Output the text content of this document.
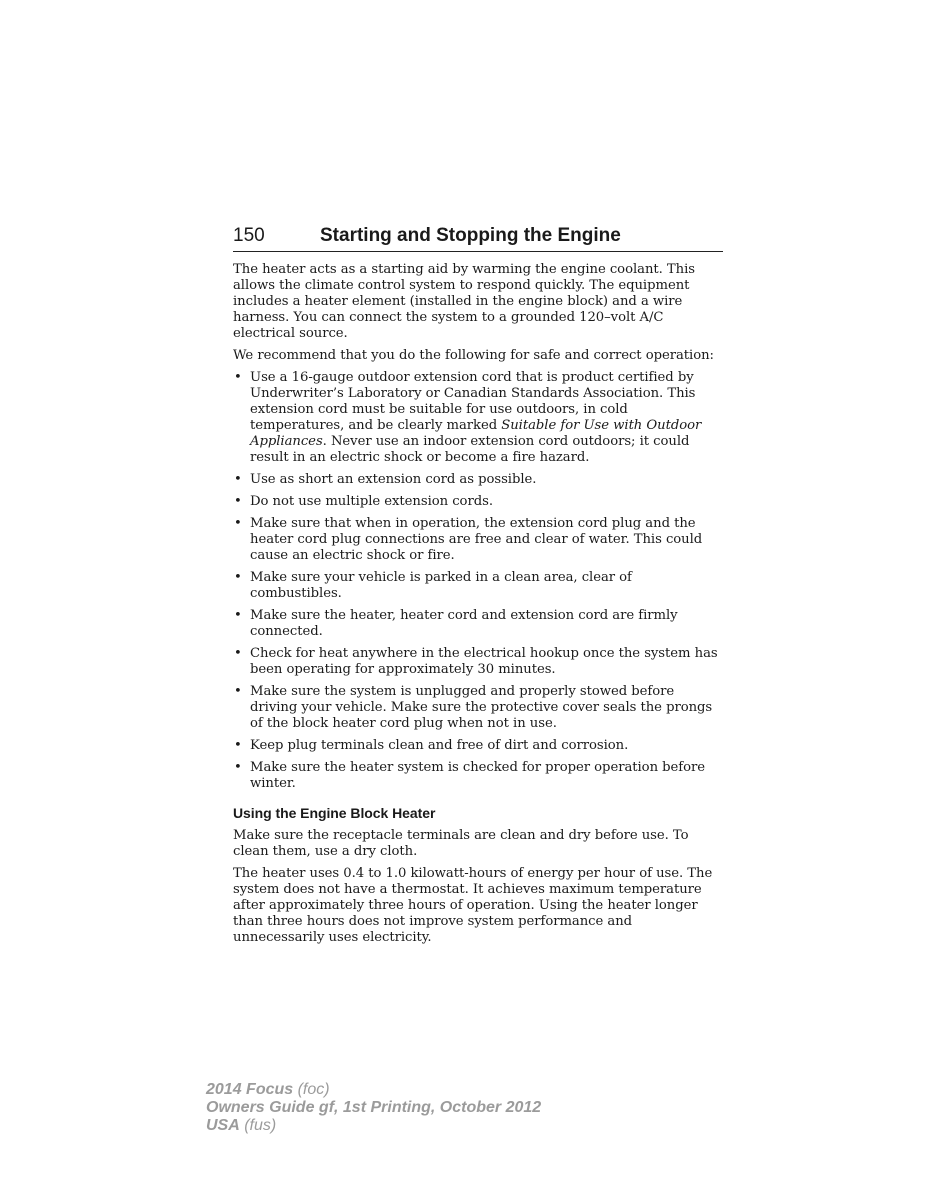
150	Starting and Stopping the Engine

The heater acts as a starting aid by warming the engine coolant. This allows the climate control system to respond quickly. The equipment includes a heater element (installed in the engine block) and a wire harness. You can connect the system to a grounded 120–volt A/C electrical source.

We recommend that you do the following for safe and correct operation:

• Use a 16-gauge outdoor extension cord that is product certified by Underwriter’s Laboratory or Canadian Standards Association. This extension cord must be suitable for use outdoors, in cold temperatures, and be clearly marked Suitable for Use with Outdoor Appliances. Never use an indoor extension cord outdoors; it could result in an electric shock or become a fire hazard.
• Use as short an extension cord as possible.
• Do not use multiple extension cords.
• Make sure that when in operation, the extension cord plug and the heater cord plug connections are free and clear of water. This could cause an electric shock or fire.
• Make sure your vehicle is parked in a clean area, clear of combustibles.
• Make sure the heater, heater cord and extension cord are firmly connected.
• Check for heat anywhere in the electrical hookup once the system has been operating for approximately 30 minutes.
• Make sure the system is unplugged and properly stowed before driving your vehicle. Make sure the protective cover seals the prongs of the block heater cord plug when not in use.
• Keep plug terminals clean and free of dirt and corrosion.
• Make sure the heater system is checked for proper operation before winter.
Using the Engine Block Heater

Make sure the receptacle terminals are clean and dry before use. To clean them, use a dry cloth.

The heater uses 0.4 to 1.0 kilowatt-hours of energy per hour of use. The system does not have a thermostat. It achieves maximum temperature after approximately three hours of operation. Using the heater longer than three hours does not improve system performance and unnecessarily uses electricity.

2014 Focus (foc)
Owners Guide gf, 1st Printing, October 2012
USA (fus)
